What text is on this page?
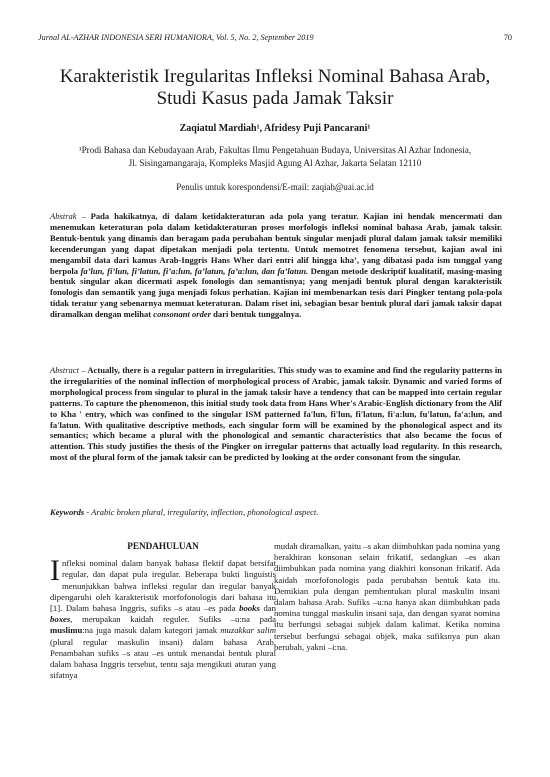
Jurnal AL-AZHAR INDONESIA SERI HUMANIORA, Vol. 5, No. 2, September 2019	70
Karakteristik Iregularitas Infleksi Nominal Bahasa Arab,
Studi Kasus pada Jamak Taksir
Zaqiatul Mardiah¹, Afridesy Puji Pancarani¹
¹Prodi Bahasa dan Kebudayaan Arab, Fakultas Ilmu Pengetahuan Budaya, Universitas Al Azhar Indonesia,
Jl. Sisingamangaraja, Kompleks Masjid Agung Al Azhar, Jakarta Selatan 12110
Penulis untuk korespondensi/E-mail: zaqiah@uai.ac.id
Abstrak – Pada hakikatnya, di dalam ketidakteraturan ada pola yang teratur. Kajian ini hendak mencermati dan menemukan keteraturan pola dalam ketidakteraturan proses morfologis infleksi nominal bahasa Arab, jamak taksir. Bentuk-bentuk yang dinamis dan beragam pada perubahan bentuk singular menjadi plural dalam jamak taksir memiliki kecenderungan yang dapat dipetakan menjadi pola tertentu. Untuk memotret fenomena tersebut, kajian awal ini mengambil data dari kamus Arab-Inggris Hans Wher dari entri alif hingga kha’, yang dibatasi pada ism tunggal yang berpola fa’lun, fi’lun, fi’latun, fi’a:lun, fa’latun, fa’a:lun, dan fa’latun. Dengan metode deskriptif kualitatif, masing-masing bentuk singular akan dicermati aspek fonologis dan semantisnya; yang menjadi bentuk plural dengan karakteristik fonologis dan semantik yang juga menjadi fokus perhatian. Kajian ini membenarkan tesis dari Pingker tentang pola-pola tidak teratur yang sebenarnya memuat keteraturan. Dalam riset ini, sebagian besar bentuk plural dari jamak taksir dapat diramalkan dengan melihat consonant order dari bentuk tunggalnya.
Abstract – Actually, there is a regular pattern in irregularities. This study was to examine and find the regularity patterns in the irregularities of the nominal inflection of morphological process of Arabic, jamak taksir. Dynamic and varied forms of morphological process from singular to plural in the jamak taksir have a tendency that can be mapped into certain regular patterns. To capture the phenomenon, this initial study took data from Hans Wher's Arabic-English dictionary from the Alif to Kha ' entry, which was confined to the singular ISM patterned fa'lun, fi'lun, fi'latun, fi'a:lun, fu'latun, fa'a:lun, and fa'latun. With qualitative descriptive methods, each singular form will be examined by the phonological aspect and its semantics; which became a plural with the phonological and semantic characteristics that also became the focus of attention. This study justifies the thesis of the Pingker on irregular patterns that actually load regularity. In this research, most of the plural form of the jamak taksir can be predicted by looking at the order consonant from the singular.
Keywords - Arabic broken plural, irregularity, inflection, phonological aspect.
PENDAHULUAN

Infleksi nominal dalam banyak bahasa flektif dapat bersifat regular, dan dapat pula iregular. Beberapa bukti linguistis menunjukkan bahwa infleksi regular dan iregular banyak dipengaruhi oleh karakteristik morfofonologis dari bahasa itu [1]. Dalam bahasa Inggris, sufiks –s atau –es pada books dan boxes, merupakan kaidah reguler. Sufiks –u:na pada muslimu:na juga masuk dalam kategori jamak muzakkar salim (plural regular maskulin insani) dalam bahasa Arab. Penambahan sufiks –s atau –es untuk menandai bentuk plural dalam bahasa Inggris tersebut, tentu saja mengikuti aturan yang sifatnya

mudah diramalkan, yaitu –s akan diimbuhkan pada nomina yang berakhiran konsonan selain frikatif, sedangkan –es akan diimbuhkan pada nomina yang diakhiri konsonan frikatif. Ada kaidah morfofonologis pada perubahan bentuk kata itu. Demikian pula dengan pembentukan plural maskulin insani dalam bahasa Arab. Sufiks –u:na hanya akan diimbuhkan pada nomina tunggal maskulin insani saja, dan dengan syarat nomina itu berfungsi sebagai subjek dalam kalimat. Ketika nomina tersebut berfungsi sebagai objek, maka sufiksnya pun akan berubah, yakni –i:na.
